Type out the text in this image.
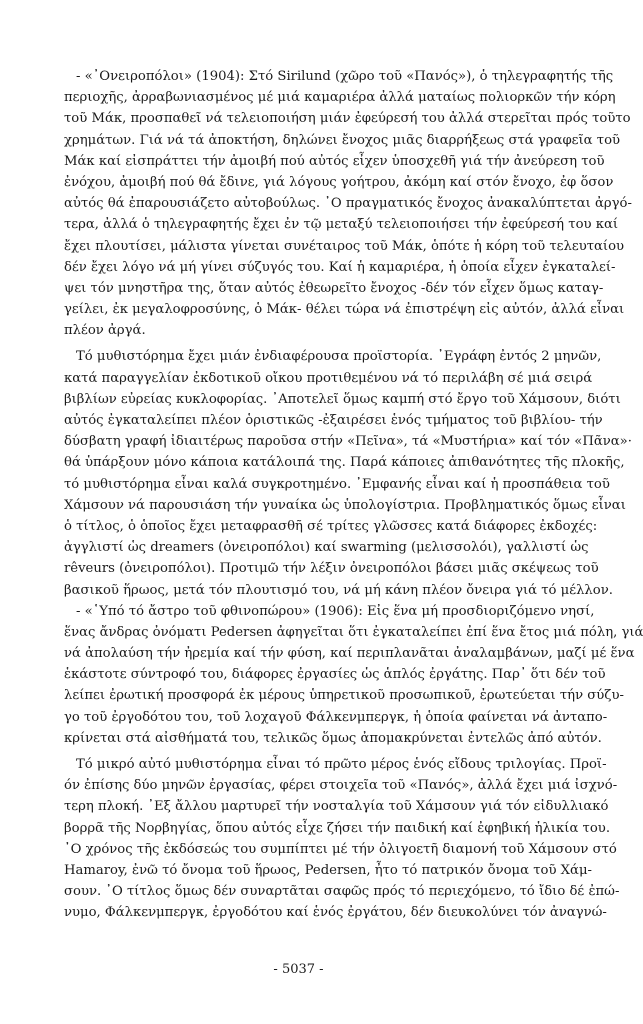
- «᾽Ονειροπόλοι» (1904): Στό Sirilund (χῶρο τοῦ «Πανός»), ὁ τηλεγραφητής τῆς
περιοχῆς, ἀρραβωνιασμένος μέ μιά καμαριέρα ἀλλά ματαίως πολιορκῶν τήν κόρη
τοῦ Μάκ, προσπαθεῖ νά τελειοποιήση μιάν ἐφεύρεσή του ἀλλά στερεῖται πρός τοῦτο
χρημάτων. Γιά νά τά ἀποκτήση, δηλώνει ἔνοχος μιᾶς διαρρήξεως στά γραφεῖα τοῦ
Μάκ καί εἰσπράττει τήν ἀμοιβή πού αὐτός εἶχεν ὑποσχεθῆ γιά τήν ἀνεύρεση τοῦ
ἐνόχου, ἀμοιβή πού θά ἔδινε, γιά λόγους γοήτρου, ἀκόμη καί στόν ἔνοχο, ἐφ ὅσον
αὐτός θά ἐπαρουσιάζετο αὐτοβούλως. ᾽Ο πραγματικός ἔνοχος ἀνακαλύπτεται ἀργό-
τερα, ἀλλά ὁ τηλεγραφητής ἔχει ἐν τῷ μεταξύ τελειοποιήσει τήν ἐφεύρεσή του καί
ἔχει πλουτίσει, μάλιστα γίνεται συνέταιρος τοῦ Μάκ, ὁπότε ἡ κόρη τοῦ τελευταίου
δέν ἔχει λόγο νά μή γίνει σύζυγός του. Καί ἡ καμαριέρα, ἡ ὁποία εἶχεν ἐγκαταλεί-
ψει τόν μνηστῆρα της, ὅταν αὐτός ἐθεωρεῖτο ἔνοχος -δέν τόν εἶχεν ὅμως καταγ-
γείλει, ἐκ μεγαλοφροσύνης, ὁ Μάκ- θέλει τώρα νά ἐπιστρέψη εἰς αὐτόν, ἀλλά εἶναι
πλέον ἀργά.
Τό μυθιστόρημα ἔχει μιάν ἐνδιαφέρουσα προϊστορία. ᾽Εγράφη ἐντός 2 μηνῶν,
κατά παραγγελίαν ἐκδοτικοῦ οἴκου προτιθεμένου νά τό περιλάβη σέ μιά σειρά
βιβλίων εὐρείας κυκλοφορίας. ᾽Αποτελεῖ ὅμως καμπή στό ἔργο τοῦ Χάμσουν, διότι
αὐτός ἐγκαταλείπει πλέον ὁριστικῶς -ἐξαιρέσει ἑνός τμήματος τοῦ βιβλίου- τήν
δύσβατη γραφή ἰδιαιτέρως παροῦσα στήν «Πεῖνα», τά «Μυστήρια» καί τόν «Πᾶνα»·
θά ὑπάρξουν μόνο κάποια κατάλοιπά της. Παρά κάποιες ἀπιθανότητες τῆς πλοκῆς,
τό μυθιστόρημα εἶναι καλά συγκροτημένο. ᾽Εμφανής εἶναι καί ἡ προσπάθεια τοῦ
Χάμσουν νά παρουσιάση τήν γυναίκα ὡς ὑπολογίστρια. Προβληματικός ὅμως εἶναι
ὁ τίτλος, ὁ ὁποῖος ἔχει μεταφρασθῆ σέ τρίτες γλῶσσες κατά διάφορες ἐκδοχές:
ἀγγλιστί ὡς dreamers (ὀνειροπόλοι) καί swarming (μελισσολόι), γαλλιστί ὡς
rêveurs (ὀνειροπόλοι). Προτιμῶ τήν λέξιν ὀνειροπόλοι βάσει μιᾶς σκέψεως τοῦ
βασικοῦ ἥρωος, μετά τόν πλουτισμό του, νά μή κάνη πλέον ὄνειρα γιά τό μέλλον.
- «῾Υπό τό ἄστρο τοῦ φθινοπώρου» (1906): Εἰς ἕνα μή προσδιοριζόμενο νησί,
ἕνας ἄνδρας ὀνόματι Pedersen ἀφηγεῖται ὅτι ἐγκαταλείπει ἐπί ἕνα ἔτος μιά πόλη, γιά
νά ἀπολαύση τήν ἠρεμία καί τήν φύση, καί περιπλανᾶται ἀναλαμβάνων, μαζί μέ ἕνα
ἑκάστοτε σύντροφό του, διάφορες ἐργασίες ὡς ἁπλός ἐργάτης. Παρ᾽ ὅτι δέν τοῦ
λείπει ἐρωτική προσφορά ἐκ μέρους ὑπηρετικοῦ προσωπικοῦ, ἐρωτεύεται τήν σύζυ-
γο τοῦ ἐργοδότου του, τοῦ λοχαγοῦ Φάλκενμπεργκ, ἡ ὁποία φαίνεται νά ἀνταπο-
κρίνεται στά αἰσθήματά του, τελικῶς ὅμως ἀπομακρύνεται ἐντελῶς ἀπό αὐτόν.
Τό μικρό αὐτό μυθιστόρημα εἶναι τό πρῶτο μέρος ἑνός εἴδους τριλογίας. Προϊ-
όν ἐπίσης δύο μηνῶν ἐργασίας, φέρει στοιχεῖα τοῦ «Πανός», ἀλλά ἔχει μιά ἰσχνό-
τερη πλοκή. ᾽Εξ ἄλλου μαρτυρεῖ τήν νοσταλγία τοῦ Χάμσουν γιά τόν εἰδυλλιακό
βορρᾶ τῆς Νορβηγίας, ὅπου αὐτός εἶχε ζήσει τήν παιδική καί ἐφηβική ἡλικία του.
᾽Ο χρόνος τῆς ἐκδόσεώς του συμπίπτει μέ τήν ὀλιγοετῆ διαμονή τοῦ Χάμσουν στό
Hamaroy, ἐνῶ τό ὄνομα τοῦ ἥρωος, Pedersen, ἦτο τό πατρικόν ὄνομα τοῦ Χάμ-
σουν. ᾽Ο τίτλος ὅμως δέν συναρτᾶται σαφῶς πρός τό περιεχόμενο, τό ἴδιο δέ ἐπώ-
νυμο, Φάλκενμπεργκ, ἐργοδότου καί ἑνός ἐργάτου, δέν διευκολύνει τόν ἀναγνώ-
- 5037 -
